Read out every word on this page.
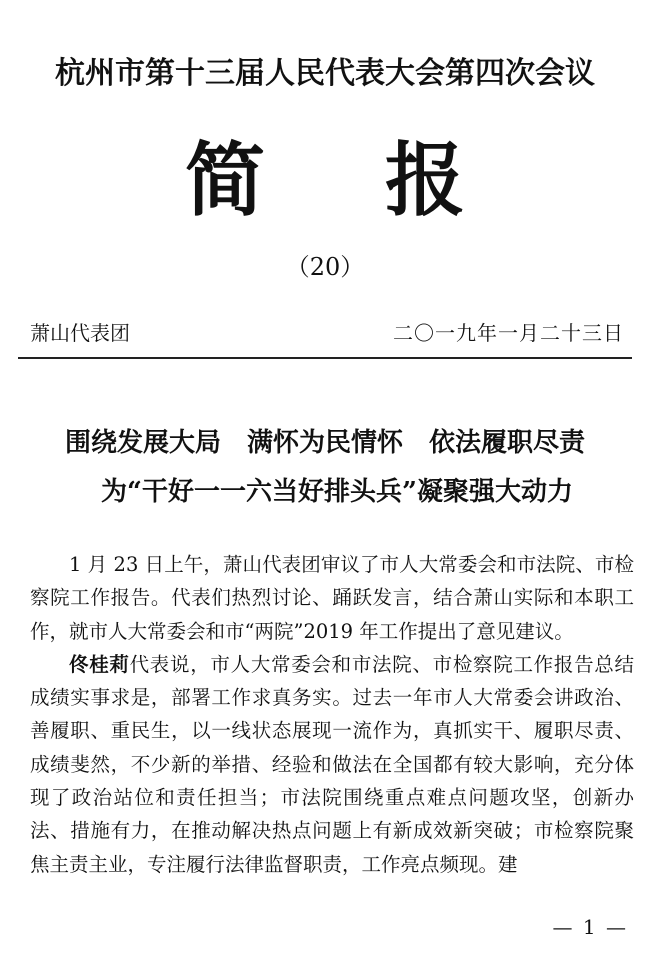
杭州市第十三届人民代表大会第四次会议
简报
（20）
萧山代表团	二〇一九年一月二十三日
围绕发展大局　满怀为民情怀　依法履职尽责
为“干好一一六当好排头兵”凝聚强大动力

1 月 23 日上午，萧山代表团审议了市人大常委会和市法院、市检察院工作报告。代表们热烈讨论、踊跃发言，结合萧山实际和本职工作，就市人大常委会和市“两院”2019 年工作提出了意见建议。

佟桂莉代表说，市人大常委会和市法院、市检察院工作报告总结成绩实事求是，部署工作求真务实。过去一年市人大常委会讲政治、善履职、重民生，以一线状态展现一流作为，真抓实干、履职尽责、成绩斐然，不少新的举措、经验和做法在全国都有较大影响，充分体现了政治站位和责任担当；市法院围绕重点难点问题攻坚，创新办法、措施有力，在推动解决热点问题上有新成效新突破；市检察院聚焦主责主业，专注履行法律监督职责，工作亮点频现。建

— 1 —
